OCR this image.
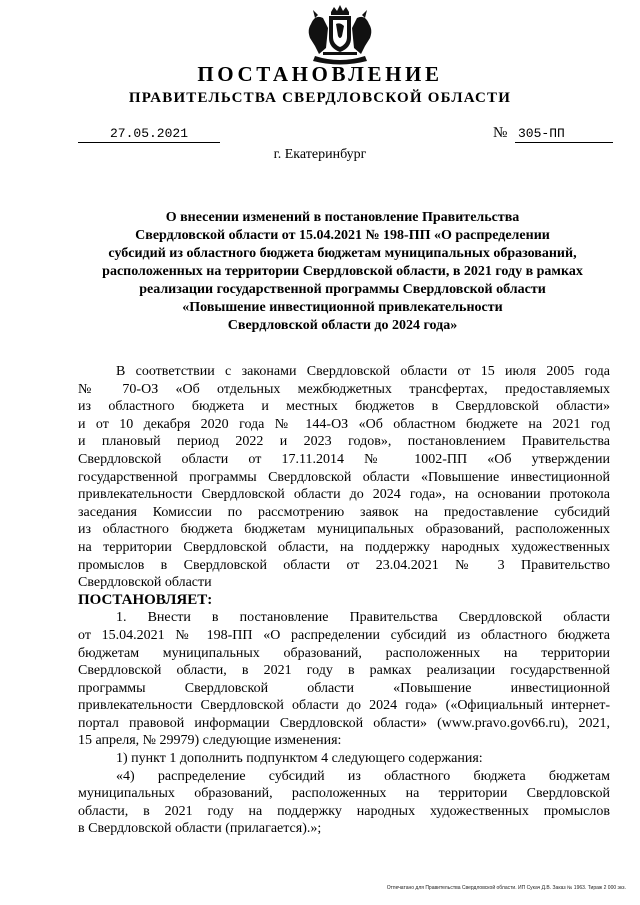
ПОСТАНОВЛЕНИЕ
ПРАВИТЕЛЬСТВА СВЕРДЛОВСКОЙ ОБЛАСТИ
27.05.2021	№ 305-ПП
г. Екатеринбург
О внесении изменений в постановление Правительства
Свердловской области от 15.04.2021 № 198-ПП «О распределении
субсидий из областного бюджета бюджетам муниципальных образований,
расположенных на территории Свердловской области, в 2021 году в рамках
реализации государственной программы Свердловской области
«Повышение инвестиционной привлекательности
Свердловской области до 2024 года»
В соответствии с законами Свердловской области от 15 июля 2005 года
№ 70-ОЗ «Об отдельных межбюджетных трансфертах, предоставляемых
из областного бюджета и местных бюджетов в Свердловской области»
и от 10 декабря 2020 года № 144-ОЗ «Об областном бюджете на 2021 год
и плановый период 2022 и 2023 годов», постановлением Правительства
Свердловской области от 17.11.2014 № 1002-ПП «Об утверждении
государственной программы Свердловской области «Повышение инвестиционной
привлекательности Свердловской области до 2024 года», на основании протокола
заседания Комиссии по рассмотрению заявок на предоставление субсидий
из областного бюджета бюджетам муниципальных образований, расположенных
на территории Свердловской области, на поддержку народных художественных
промыслов в Свердловской области от 23.04.2021 № 3 Правительство
Свердловской области
ПОСТАНОВЛЯЕТ:
1. Внести в постановление Правительства Свердловской области
от 15.04.2021 № 198-ПП «О распределении субсидий из областного бюджета
бюджетам муниципальных образований, расположенных на территории
Свердловской области, в 2021 году в рамках реализации государственной
программы Свердловской области «Повышение инвестиционной
привлекательности Свердловской области до 2024 года» («Официальный интернет-
портал правовой информации Свердловской области» (www.pravo.gov66.ru), 2021,
15 апреля, № 29979) следующие изменения:
1) пункт 1 дополнить подпунктом 4 следующего содержания:
«4) распределение субсидий из областного бюджета бюджетам
муниципальных образований, расположенных на территории Свердловской
области, в 2021 году на поддержку народных художественных промыслов
в Свердловской области (прилагается).»;
Отпечатано для Правительства Свердловской области. ИП Сукач Д.В. Заказ № 1963. Тираж 2 000 экз.
